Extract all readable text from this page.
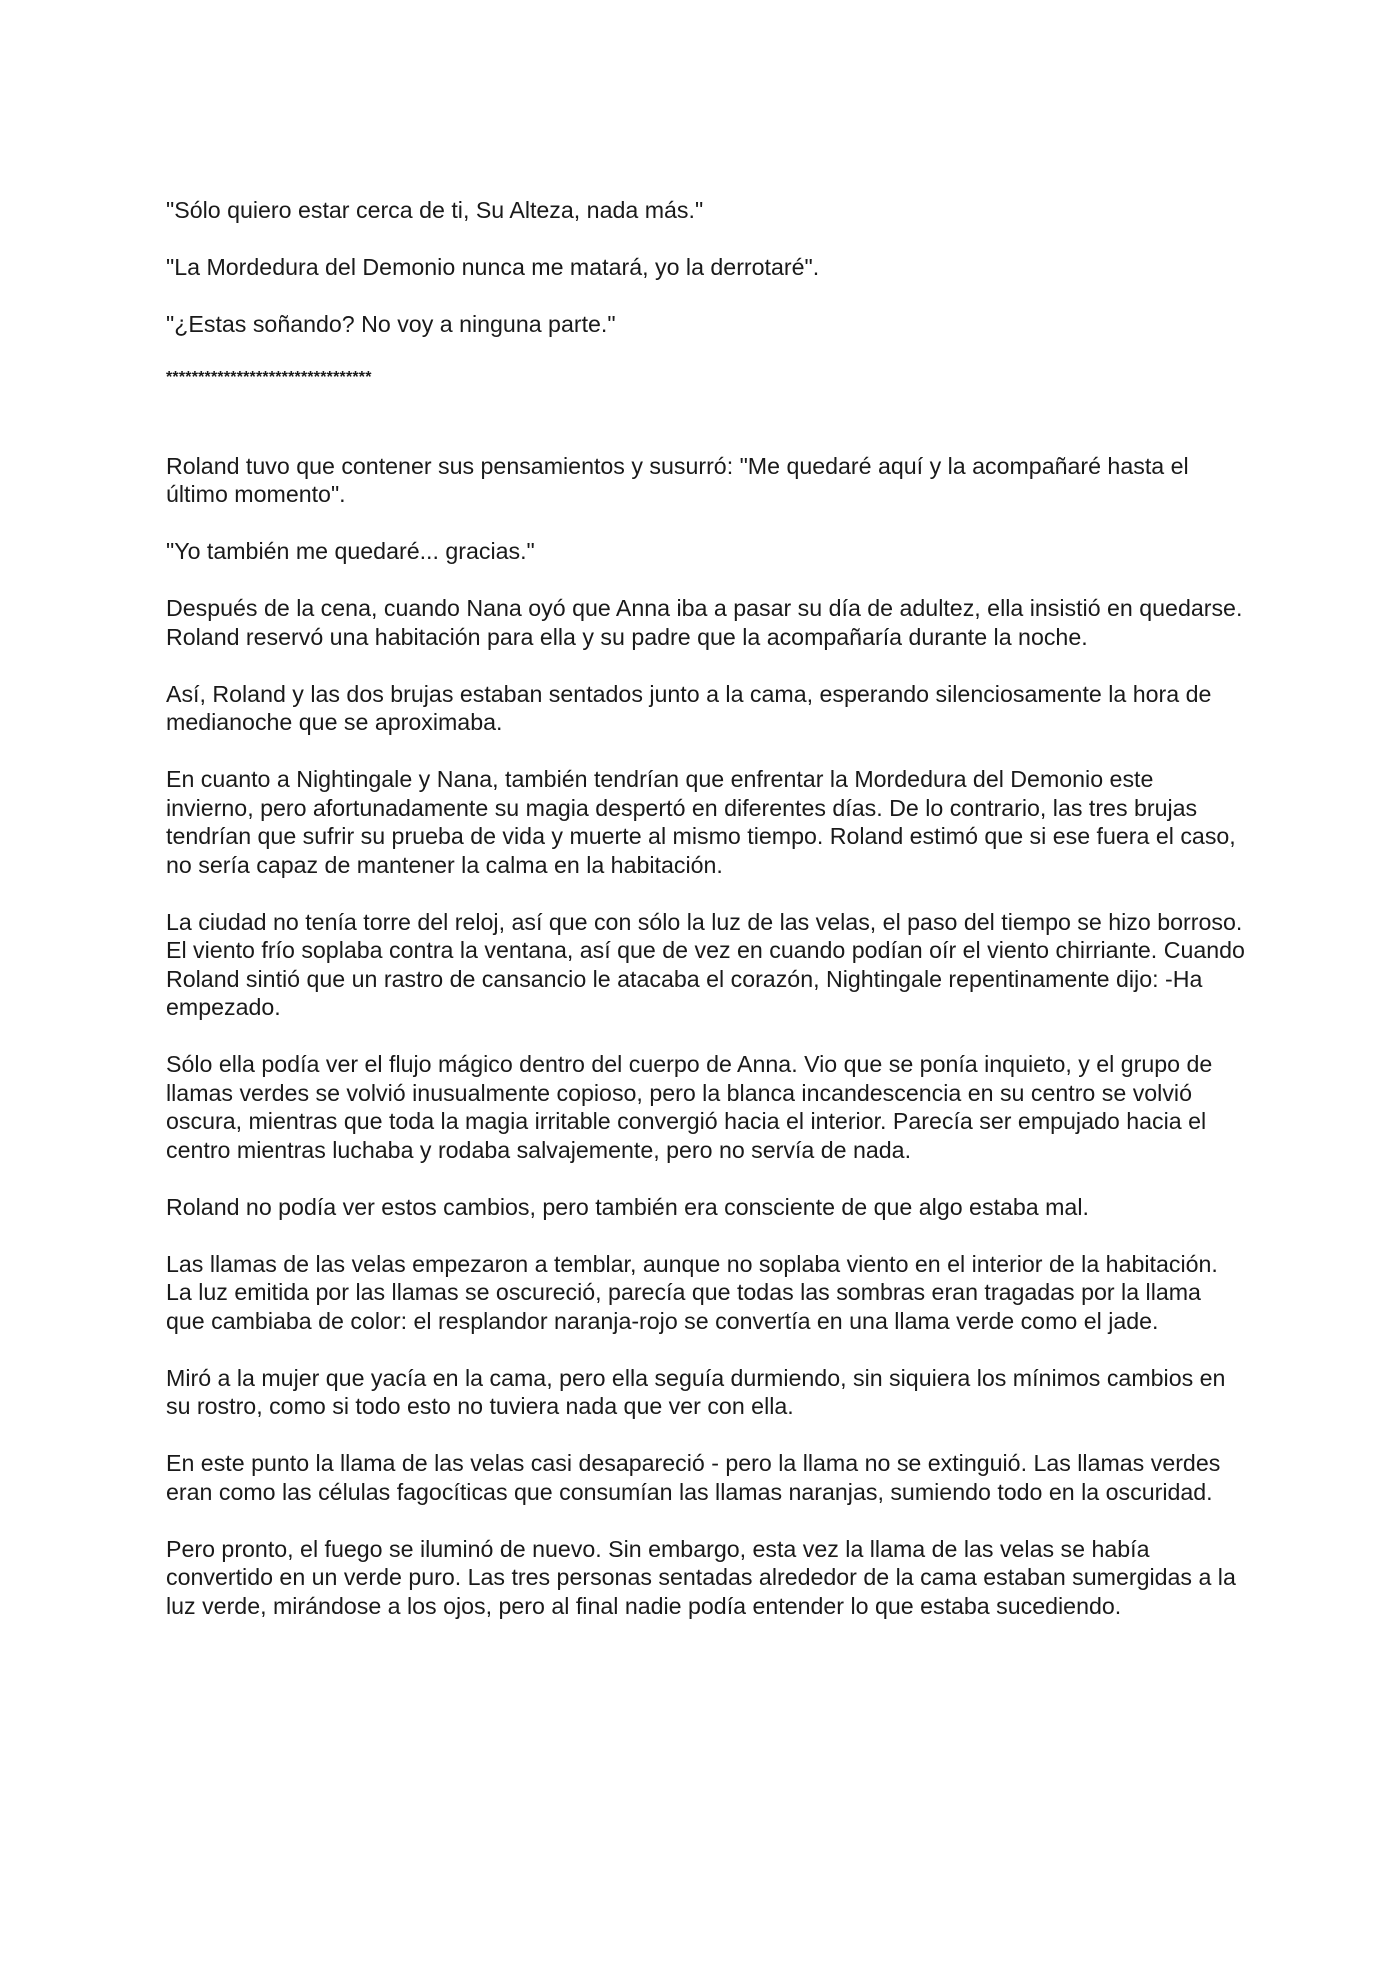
"Sólo quiero estar cerca de ti, Su Alteza, nada más."

"La Mordedura del Demonio nunca me matará, yo la derrotaré".

"¿Estas soñando? No voy a ninguna parte."

********************************

Roland tuvo que contener sus pensamientos y susurró: "Me quedaré aquí y la acompañaré hasta el último momento".

"Yo también me quedaré... gracias."

Después de la cena, cuando Nana oyó que Anna iba a pasar su día de adultez, ella insistió en quedarse. Roland reservó una habitación para ella y su padre que la acompañaría durante la noche.

Así, Roland y las dos brujas estaban sentados junto a la cama, esperando silenciosamente la hora de medianoche que se aproximaba.

En cuanto a Nightingale y Nana, también tendrían que enfrentar la Mordedura del Demonio este invierno, pero afortunadamente su magia despertó en diferentes días. De lo contrario, las tres brujas tendrían que sufrir su prueba de vida y muerte al mismo tiempo. Roland estimó que si ese fuera el caso, no sería capaz de mantener la calma en la habitación.

La ciudad no tenía torre del reloj, así que con sólo la luz de las velas, el paso del tiempo se hizo borroso. El viento frío soplaba contra la ventana, así que de vez en cuando podían oír el viento chirriante. Cuando Roland sintió que un rastro de cansancio le atacaba el corazón, Nightingale repentinamente dijo: -Ha empezado.

Sólo ella podía ver el flujo mágico dentro del cuerpo de Anna. Vio que se ponía inquieto, y el grupo de llamas verdes se volvió inusualmente copioso, pero la blanca incandescencia en su centro se volvió oscura, mientras que toda la magia irritable convergió hacia el interior. Parecía ser empujado hacia el centro mientras luchaba y rodaba salvajemente, pero no servía de nada.

Roland no podía ver estos cambios, pero también era consciente de que algo estaba mal.

Las llamas de las velas empezaron a temblar, aunque no soplaba viento en el interior de la habitación. La luz emitida por las llamas se oscureció, parecía que todas las sombras eran tragadas por la llama que cambiaba de color: el resplandor naranja-rojo se convertía en una llama verde como el jade.

Miró a la mujer que yacía en la cama, pero ella seguía durmiendo, sin siquiera los mínimos cambios en su rostro, como si todo esto no tuviera nada que ver con ella.

En este punto la llama de las velas casi desapareció - pero la llama no se extinguió. Las llamas verdes eran como las células fagocíticas que consumían las llamas naranjas, sumiendo todo en la oscuridad.

Pero pronto, el fuego se iluminó de nuevo. Sin embargo, esta vez la llama de las velas se había convertido en un verde puro. Las tres personas sentadas alrededor de la cama estaban sumergidas a la luz verde, mirándose a los ojos, pero al final nadie podía entender lo que estaba sucediendo.
